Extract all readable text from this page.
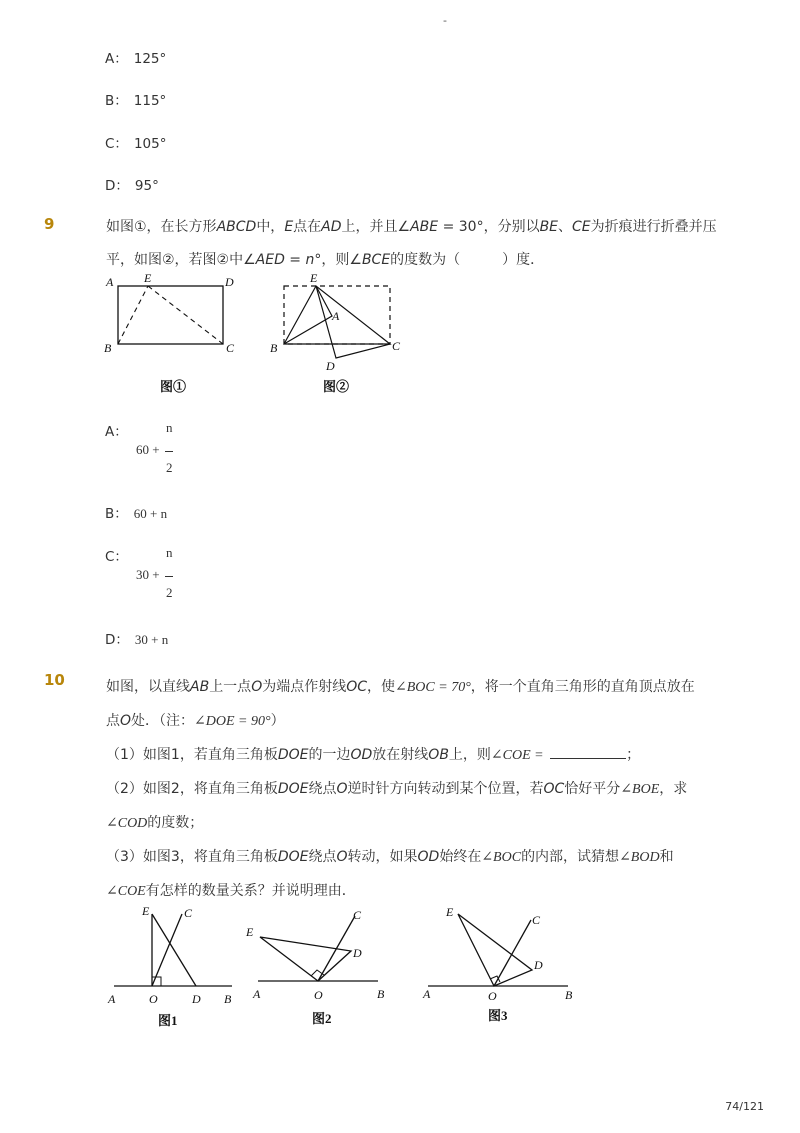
-
A： 125°
B： 115°
C： 105°
D： 95°
9	如图①，在长方形ABCD中，E点在AD上，并且∠ABE = 30°，分别以BE、CE为折痕进行折叠并压
平，如图②，若图②中∠AED = n°，则∠BCE的度数为（　　　）度．
A	E	D
B	C
图①
E
A
B	C
D
图②
A：	n
60 +
2
B： 60 + n
C：	n
30 +
2
D： 30 + n
10	如图，以直线AB上一点O为端点作射线OC，使∠BOC = 70°，将一个直角三角形的直角顶点放在
点O处．（注：∠DOE = 90°）
（1）如图1，若直角三角板DOE的一边OD放在射线OB上，则∠COE =	；
（2）如图2，将直角三角板DOE绕点O逆时针方向转动到某个位置，若OC恰好平分∠BOE，求
∠COD的度数；
（3）如图3，将直角三角板DOE绕点O转动，如果OD始终在∠BOC的内部，试猜想∠BOD和
∠COE有怎样的数量关系？并说明理由．
E	C
A	O	D B
图1
E
C
D
A	O	B
图2
E
C
D
A	O	B
图3
74/121
